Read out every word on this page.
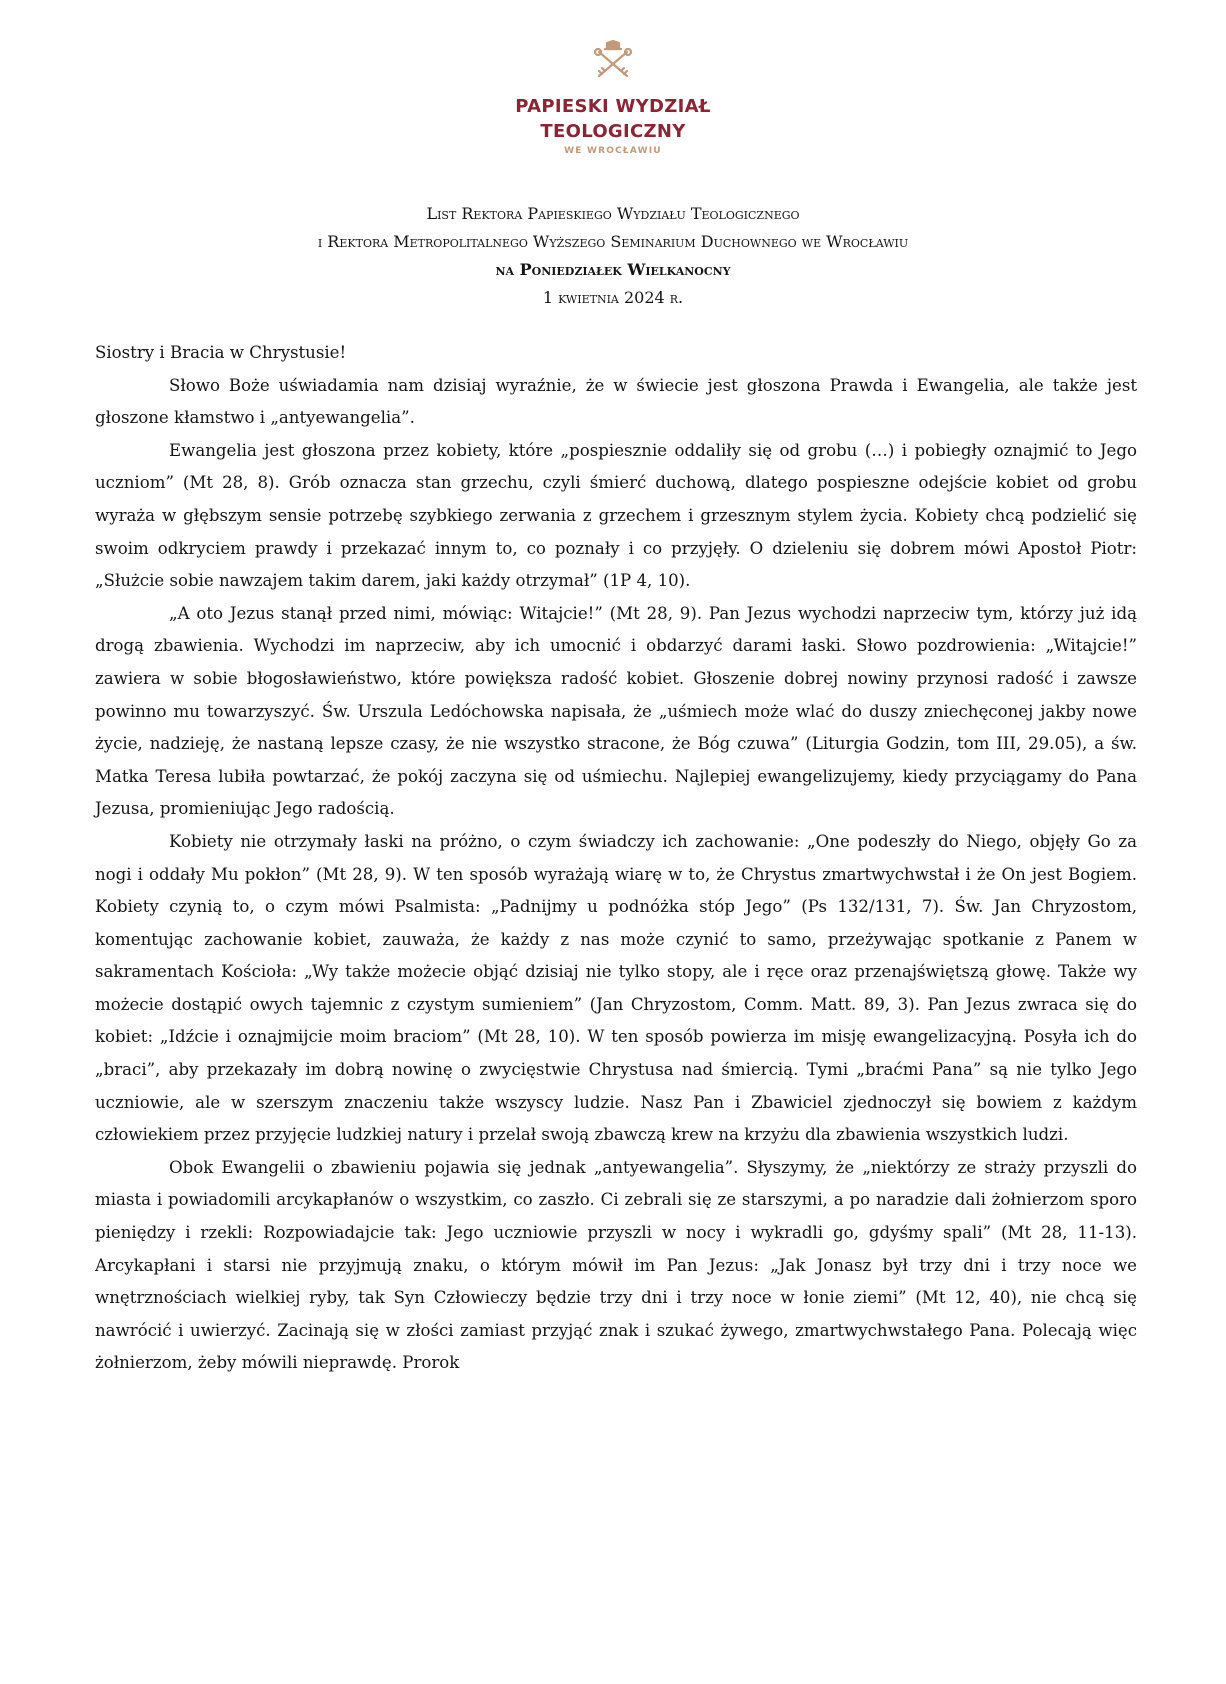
PAPIESKI WYDZIAŁ
TEOLOGICZNY
WE WROCŁAWIU
List Rektora Papieskiego Wydziału Teologicznego
i Rektora Metropolitalnego Wyższego Seminarium Duchownego we Wrocławiu
na Poniedziałek Wielkanocny
1 kwietnia 2024 r.

Siostry i Bracia w Chrystusie!

Słowo Boże uświadamia nam dzisiaj wyraźnie, że w świecie jest głoszona Prawda i Ewangelia, ale także jest głoszone kłamstwo i „antyewangelia”.

Ewangelia jest głoszona przez kobiety, które „pospiesznie oddaliły się od grobu (…) i pobiegły oznajmić to Jego uczniom” (Mt 28, 8). Grób oznacza stan grzechu, czyli śmierć duchową, dlatego pospieszne odejście kobiet od grobu wyraża w głębszym sensie potrzebę szybkiego zerwania z grzechem i grzesznym stylem życia. Kobiety chcą podzielić się swoim odkryciem prawdy i przekazać innym to, co poznały i co przyjęły. O dzieleniu się dobrem mówi Apostoł Piotr: „Służcie sobie nawzajem takim darem, jaki każdy otrzymał” (1P 4, 10).

„A oto Jezus stanął przed nimi, mówiąc: Witajcie!” (Mt 28, 9). Pan Jezus wychodzi naprzeciw tym, którzy już idą drogą zbawienia. Wychodzi im naprzeciw, aby ich umocnić i obdarzyć darami łaski. Słowo pozdrowienia: „Witajcie!” zawiera w sobie błogosławieństwo, które powiększa radość kobiet. Głoszenie dobrej nowiny przynosi radość i zawsze powinno mu towarzyszyć. Św. Urszula Ledóchowska napisała, że „uśmiech może wlać do duszy zniechęconej jakby nowe życie, nadzieję, że nastaną lepsze czasy, że nie wszystko stracone, że Bóg czuwa” (Liturgia Godzin, tom III, 29.05), a św. Matka Teresa lubiła powtarzać, że pokój zaczyna się od uśmiechu. Najlepiej ewangelizujemy, kiedy przyciągamy do Pana Jezusa, promieniując Jego radością.

Kobiety nie otrzymały łaski na próżno, o czym świadczy ich zachowanie: „One podeszły do Niego, objęły Go za nogi i oddały Mu pokłon” (Mt 28, 9). W ten sposób wyrażają wiarę w to, że Chrystus zmartwychwstał i że On jest Bogiem. Kobiety czynią to, o czym mówi Psalmista: „Padnijmy u podnóżka stóp Jego” (Ps 132/131, 7). Św. Jan Chryzostom, komentując zachowanie kobiet, zauważa, że każdy z nas może czynić to samo, przeżywając spotkanie z Panem w sakramentach Kościoła: „Wy także możecie objąć dzisiaj nie tylko stopy, ale i ręce oraz przenajświętszą głowę. Także wy możecie dostąpić owych tajemnic z czystym sumieniem” (Jan Chryzostom, Comm. Matt. 89, 3). Pan Jezus zwraca się do kobiet: „Idźcie i oznajmijcie moim braciom” (Mt 28, 10). W ten sposób powierza im misję ewangelizacyjną. Posyła ich do „braci”, aby przekazały im dobrą nowinę o zwycięstwie Chrystusa nad śmiercią. Tymi „braćmi Pana” są nie tylko Jego uczniowie, ale w szerszym znaczeniu także wszyscy ludzie. Nasz Pan i Zbawiciel zjednoczył się bowiem z każdym człowiekiem przez przyjęcie ludzkiej natury i przelał swoją zbawczą krew na krzyżu dla zbawienia wszystkich ludzi.

Obok Ewangelii o zbawieniu pojawia się jednak „antyewangelia”. Słyszymy, że „niektórzy ze straży przyszli do miasta i powiadomili arcykapłanów o wszystkim, co zaszło. Ci zebrali się ze starszymi, a po naradzie dali żołnierzom sporo pieniędzy i rzekli: Rozpowiadajcie tak: Jego uczniowie przyszli w nocy i wykradli go, gdyśmy spali” (Mt 28, 11-13). Arcykapłani i starsi nie przyjmują znaku, o którym mówił im Pan Jezus: „Jak Jonasz był trzy dni i trzy noce we wnętrznościach wielkiej ryby, tak Syn Człowieczy będzie trzy dni i trzy noce w łonie ziemi” (Mt 12, 40), nie chcą się nawrócić i uwierzyć. Zacinają się w złości zamiast przyjąć znak i szukać żywego, zmartwychwstałego Pana. Polecają więc żołnierzom, żeby mówili nieprawdę. Prorok
